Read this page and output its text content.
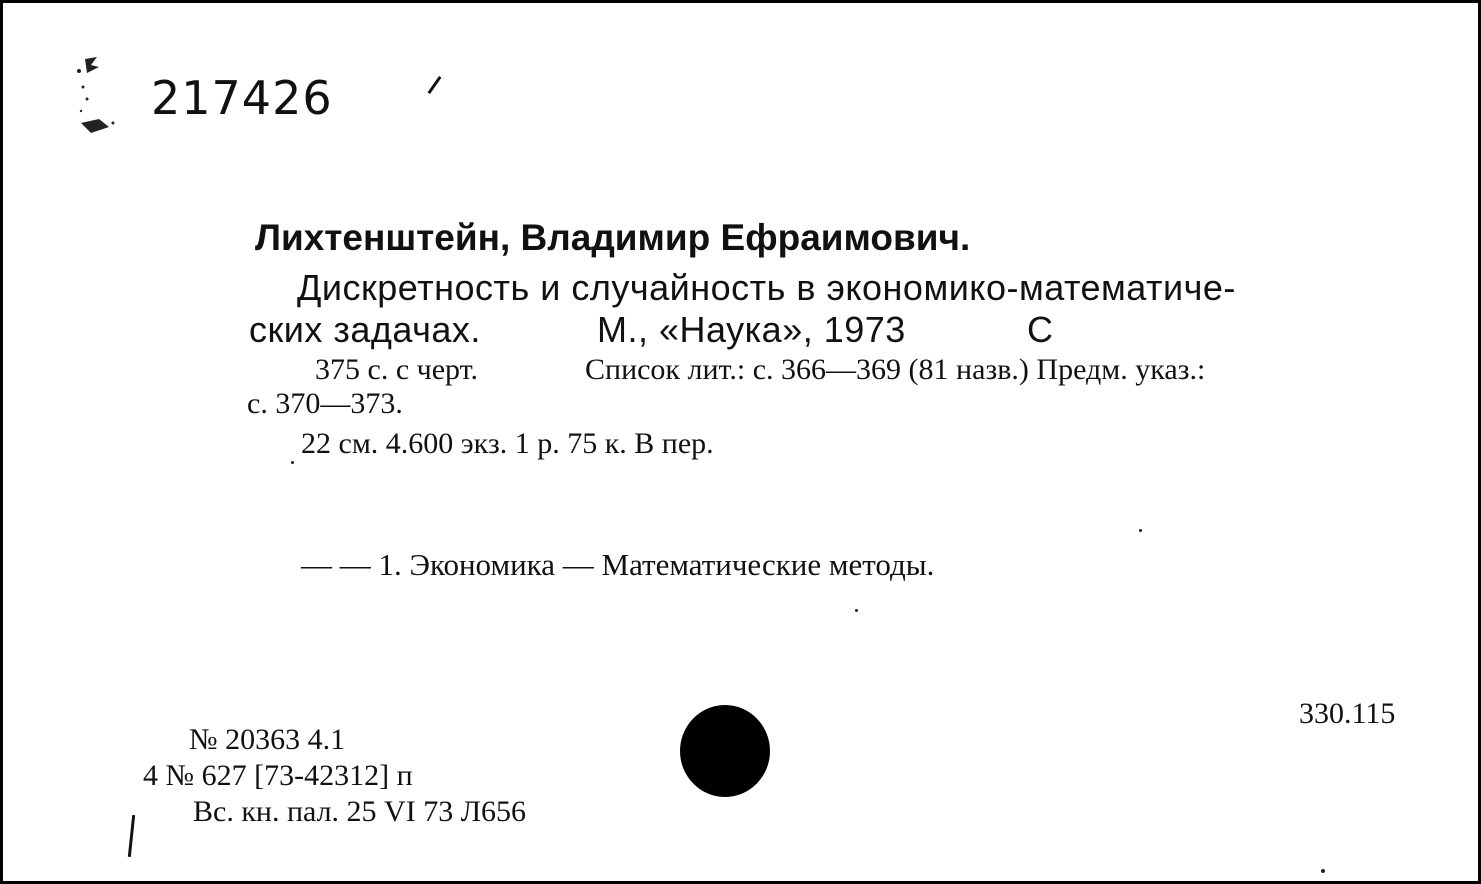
217426
Лихтенштейн, Владимир Ефраимович.
Дискретность и случайность в экономико-математиче-
ских задачах.	М., «Наука», 1973	С
375 с. с черт.	Список лит.: с. 366—369 (81 назв.) Предм. указ.:
с. 370—373.
22 см. 4.600 экз. 1 р. 75 к. В пер.
— — 1. Экономика — Математические методы.
330.115
№ 20363 4.1
4 № 627 [73-42312] п
Вс. кн. пал. 25 VI 73 Л656
